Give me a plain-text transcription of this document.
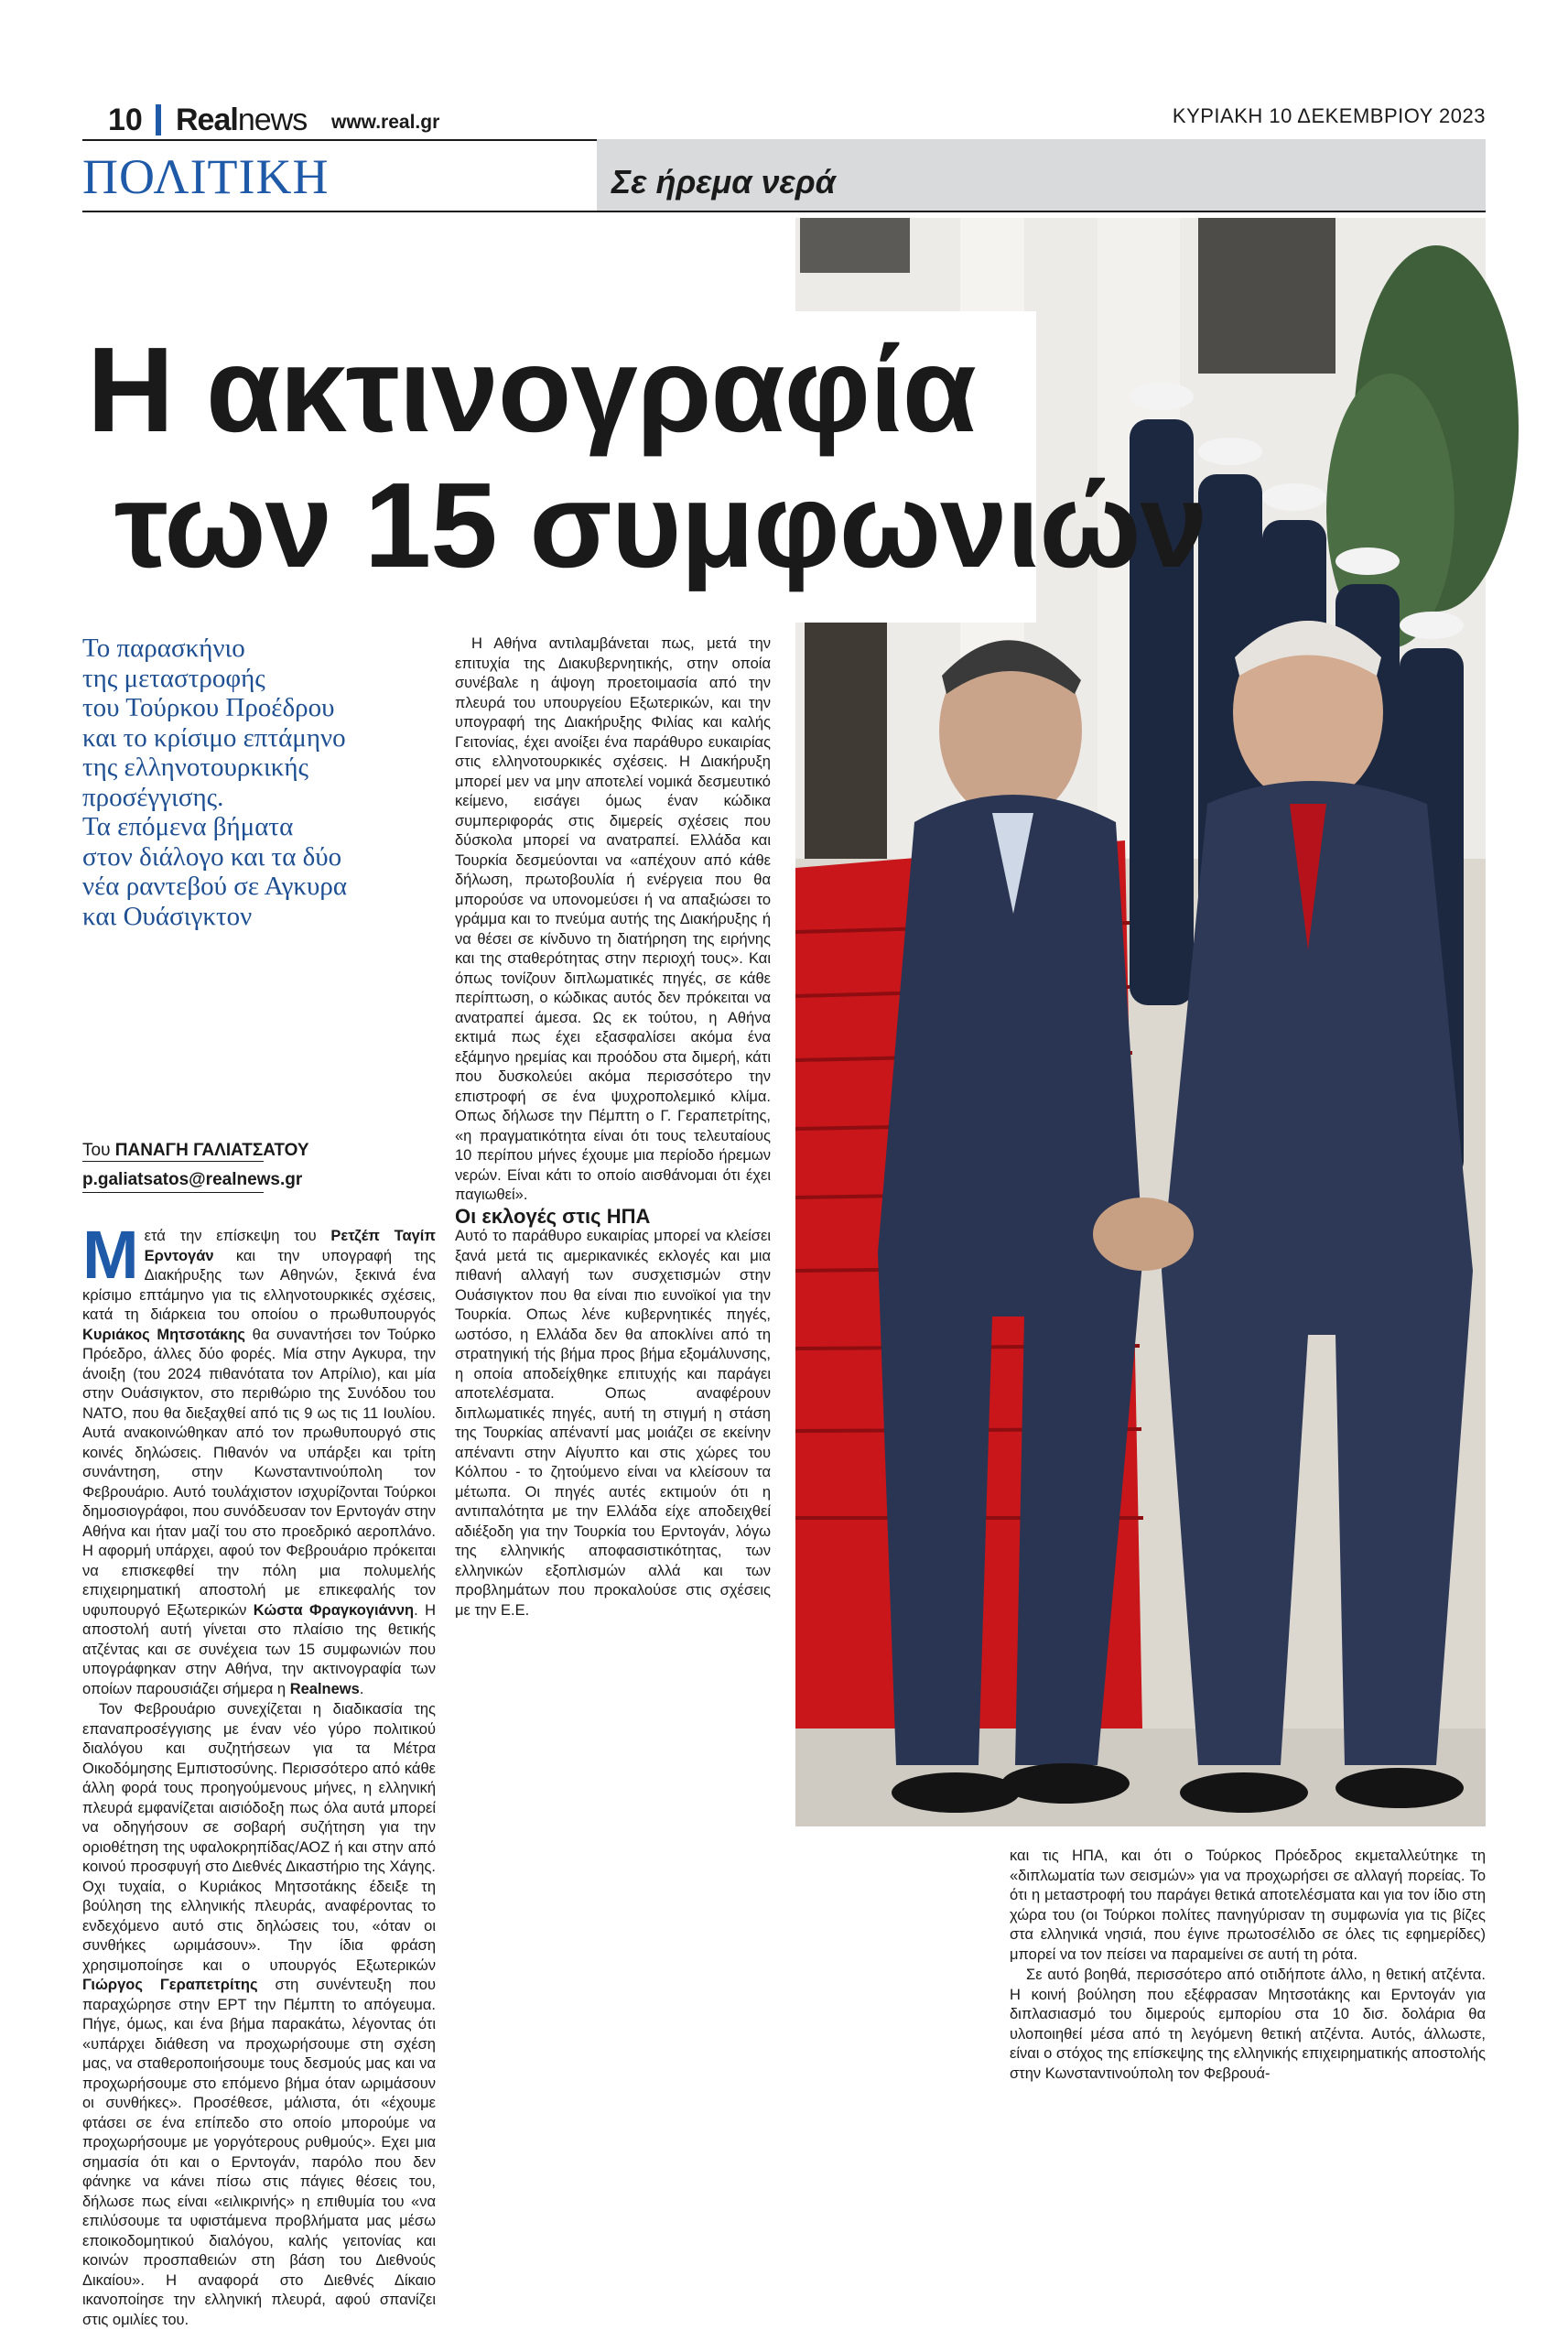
10 Realnews www.real.gr	ΚΥΡΙΑΚΗ 10 ΔΕΚΕΜΒΡΙΟΥ 2023
ΠΟΛΙΤΙΚΗ	Σε ήρεμα νερά
Η ακτινογραφία
των 15 συμφωνιών
Το παρασκήνιο
της μεταστροφής
του Τούρκου Προέδρου
και το κρίσιμο επτάμηνο
της ελληνοτουρκικής
προσέγγισης.
Τα επόμενα βήματα
στον διάλογο και τα δύο
νέα ραντεβού σε Αγκυρα
και Ουάσιγκτον
Του ΠΑΝΑΓΗ ΓΑΛΙΑΤΣΑΤΟΥ
p.galiatsatos@realnews.gr

Μετά την επίσκεψη του Ρετζέπ Ταγίπ Ερντογάν και την υπογραφή της Διακήρυξης των Αθηνών, ξεκινά ένα κρίσιμο επτάμηνο για τις ελληνοτουρκικές σχέσεις, κατά τη διάρκεια του οποίου ο πρωθυπουργός Κυριάκος Μητσοτάκης θα συναντήσει τον Τούρκο Πρόεδρο, άλλες δύο φορές. Μία στην Αγκυρα, την άνοιξη (του 2024 πιθανότατα τον Απρίλιο), και μία στην Ουάσιγκτον, στο περιθώριο της Συνόδου του ΝΑΤΟ, που θα διεξαχθεί από τις 9 ως τις 11 Ιουλίου. Αυτά ανακοινώθηκαν από τον πρωθυπουργό στις κοινές δηλώσεις. Πιθανόν να υπάρξει και τρίτη συνάντηση, στην Κωνσταντινούπολη τον Φεβρουάριο. Αυτό τουλάχιστον ισχυρίζονται Τούρκοι δημοσιογράφοι, που συνόδευσαν τον Ερντογάν στην Αθήνα και ήταν μαζί του στο προεδρικό αεροπλάνο. Η αφορμή υπάρχει, αφού τον Φεβρουάριο πρόκειται να επισκεφθεί την πόλη μια πολυμελής επιχειρηματική αποστολή με επικεφαλής τον υφυπουργό Εξωτερικών Κώστα Φραγκογιάννη. Η αποστολή αυτή γίνεται στο πλαίσιο της θετικής ατζέντας και σε συνέχεια των 15 συμφωνιών που υπογράφηκαν στην Αθήνα, την ακτινογραφία των οποίων παρουσιάζει σήμερα η Realnews.

Τον Φεβρουάριο συνεχίζεται η διαδικασία της επαναπροσέγγισης με έναν νέο γύρο πολιτικού διαλόγου και συζητήσεων για τα Μέτρα Οικοδόμησης Εμπιστοσύνης. Περισσότερο από κάθε άλλη φορά τους προηγούμενους μήνες, η ελληνική πλευρά εμφανίζεται αισιόδοξη πως όλα αυτά μπορεί να οδηγήσουν σε σοβαρή συζήτηση για την οριοθέτηση της υφαλοκρηπίδας/ΑΟΖ ή και στην από κοινού προσφυγή στο Διεθνές Δικαστήριο της Χάγης. Οχι τυχαία, ο Κυριάκος Μητσοτάκης έδειξε τη βούληση της ελληνικής πλευράς, αναφέροντας το ενδεχόμενο αυτό στις δηλώσεις του, «όταν οι συνθήκες ωριμάσουν». Την ίδια φράση χρησιμοποίησε και ο υπουργός Εξωτερικών Γιώργος Γεραπετρίτης στη συνέντευξη που παραχώρησε στην ΕΡΤ την Πέμπτη το απόγευμα. Πήγε, όμως, και ένα βήμα παρακάτω, λέγοντας ότι «υπάρχει διάθεση να προχωρήσουμε στη σχέση μας, να σταθεροποιήσουμε τους δεσμούς μας και να προχωρήσουμε στο επόμενο βήμα όταν ωριμάσουν οι συνθήκες». Προσέθεσε, μάλιστα, ότι «έχουμε φτάσει σε ένα επίπεδο στο οποίο μπορούμε να προχωρήσουμε με γοργότερους ρυθμούς». Εχει μια σημασία ότι και ο Ερντογάν, παρόλο που δεν φάνηκε να κάνει πίσω στις πάγιες θέσεις του, δήλωσε πως είναι «ειλικρινής» η επιθυμία του «να επιλύσουμε τα υφιστάμενα προβλήματα μας μέσω εποικοδομητικού διαλόγου, καλής γειτονίας και κοινών προσπαθειών στη βάση του Διεθνούς Δικαίου». Η αναφορά στο Διεθνές Δίκαιο ικανοποίησε την ελληνική πλευρά, αφού σπανίζει στις ομιλίες του.

Η Αθήνα αντιλαμβάνεται πως, μετά την επιτυχία της Διακυβερνητικής, στην οποία συνέβαλε η άψογη προετοιμασία από την πλευρά του υπουργείου Εξωτερικών, και την υπογραφή της Διακήρυξης Φιλίας και καλής Γειτονίας, έχει ανοίξει ένα παράθυρο ευκαιρίας στις ελληνοτουρκικές σχέσεις. Η Διακήρυξη μπορεί μεν να μην αποτελεί νομικά δεσμευτικό κείμενο, εισάγει όμως έναν κώδικα συμπεριφοράς στις διμερείς σχέσεις που δύσκολα μπορεί να ανατραπεί. Ελλάδα και Τουρκία δεσμεύονται να «απέχουν από κάθε δήλωση, πρωτοβουλία ή ενέργεια που θα μπορούσε να υπονομεύσει ή να απαξιώσει το γράμμα και το πνεύμα αυτής της Διακήρυξης ή να θέσει σε κίνδυνο τη διατήρηση της ειρήνης και της σταθερότητας στην περιοχή τους». Και όπως τονίζουν διπλωματικές πηγές, σε κάθε περίπτωση, ο κώδικας αυτός δεν πρόκειται να ανατραπεί άμεσα. Ως εκ τούτου, η Αθήνα εκτιμά πως έχει εξασφαλίσει ακόμα ένα εξάμηνο ηρεμίας και προόδου στα διμερή, κάτι που δυσκολεύει ακόμα περισσότερο την επιστροφή σε ένα ψυχροπολεμικό κλίμα. Οπως δήλωσε την Πέμπτη ο Γ. Γεραπετρίτης, «η πραγματικότητα είναι ότι τους τελευταίους 10 περίπου μήνες έχουμε μια περίοδο ήρεμων νερών. Είναι κάτι το οποίο αισθάνομαι ότι έχει παγιωθεί».

Οι εκλογές στις ΗΠΑ

Αυτό το παράθυρο ευκαιρίας μπορεί να κλείσει ξανά μετά τις αμερικανικές εκλογές και μια πιθανή αλλαγή των συσχετισμών στην Ουάσιγκτον που θα είναι πιο ευνοϊκοί για την Τουρκία. Οπως λένε κυβερνητικές πηγές, ωστόσο, η Ελλάδα δεν θα αποκλίνει από τη στρατηγική τής βήμα προς βήμα εξομάλυνσης, η οποία αποδείχθηκε επιτυχής και παράγει αποτελέσματα. Οπως αναφέρουν διπλωματικές πηγές, αυτή τη στιγμή η στάση της Τουρκίας απέναντί μας μοιάζει σε εκείνην απέναντι στην Αίγυπτο και στις χώρες του Κόλπου - το ζητούμενο είναι να κλείσουν τα μέτωπα. Οι πηγές αυτές εκτιμούν ότι η αντιπαλότητα με την Ελλάδα είχε αποδειχθεί αδιέξοδη για την Τουρκία του Ερντογάν, λόγω της ελληνικής αποφασιστικότητας, των ελληνικών εξοπλισμών αλλά και των προβλημάτων που προκαλούσε στις σχέσεις με την Ε.Ε.

και τις ΗΠΑ, και ότι ο Τούρκος Πρόεδρος εκμεταλλεύτηκε τη «διπλωματία των σεισμών» για να προχωρήσει σε αλλαγή πορείας. Το ότι η μεταστροφή του παράγει θετικά αποτελέσματα και για τον ίδιο στη χώρα του (οι Τούρκοι πολίτες πανηγύρισαν τη συμφωνία για τις βίζες στα ελληνικά νησιά, που έγινε πρωτοσέλιδο σε όλες τις εφημερίδες) μπορεί να τον πείσει να παραμείνει σε αυτή τη ρότα.

Σε αυτό βοηθά, περισσότερο από οτιδήποτε άλλο, η θετική ατζέντα. Η κοινή βούληση που εξέφρασαν Μητσοτάκης και Ερντογάν για διπλασιασμό του διμερούς εμπορίου στα 10 δισ. δολάρια θα υλοποιηθεί μέσα από τη λεγόμενη θετική ατζέντα. Αυτός, άλλωστε, είναι ο στόχος της επίσκεψης της ελληνικής επιχειρηματικής αποστολής στην Κωνσταντινούπολη τον Φεβρουά-
